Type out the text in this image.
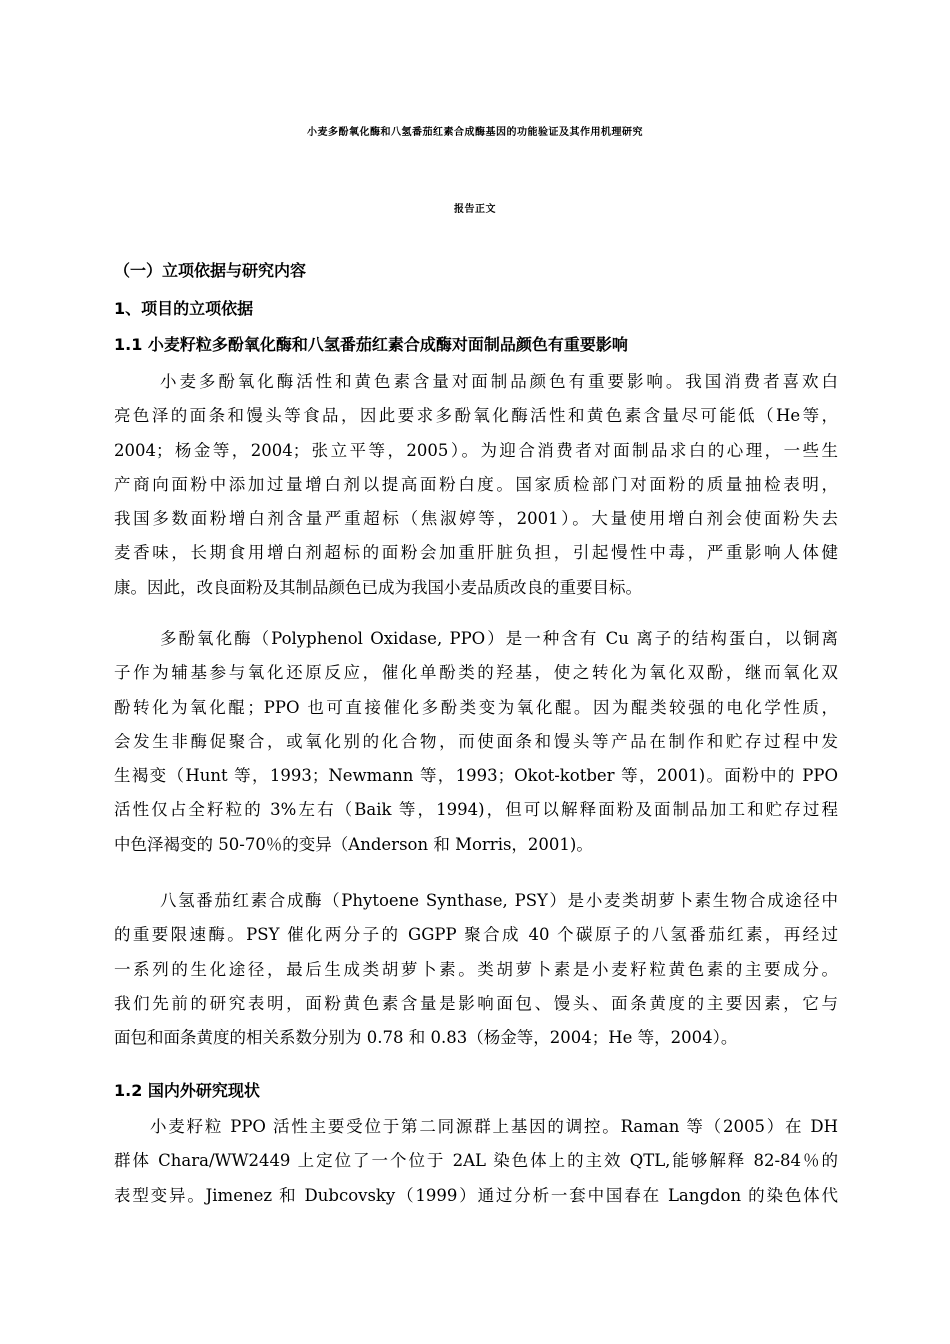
小麦多酚氧化酶和八氢番茄红素合成酶基因的功能验证及其作用机理研究
报告正文
（一）立项依据与研究内容
1、项目的立项依据
1.1 小麦籽粒多酚氧化酶和八氢番茄红素合成酶对面制品颜色有重要影响
小麦多酚氧化酶活性和黄色素含量对面制品颜色有重要影响。我国消费者喜欢白
亮色泽的面条和馒头等食品，因此要求多酚氧化酶活性和黄色素含量尽可能低（He等，
2004；杨金等，2004；张立平等，2005）。为迎合消费者对面制品求白的心理，一些生
产商向面粉中添加过量增白剂以提高面粉白度。国家质检部门对面粉的质量抽检表明，
我国多数面粉增白剂含量严重超标（焦淑婷等，2001）。大量使用增白剂会使面粉失去
麦香味，长期食用增白剂超标的面粉会加重肝脏负担，引起慢性中毒，严重影响人体健
康。因此，改良面粉及其制品颜色已成为我国小麦品质改良的重要目标。
多酚氧化酶（Polyphenol Oxidase, PPO）是一种含有 Cu 离子的结构蛋白，以铜离
子作为辅基参与氧化还原反应，催化单酚类的羟基，使之转化为氧化双酚，继而氧化双
酚转化为氧化醌；PPO 也可直接催化多酚类变为氧化醌。因为醌类较强的电化学性质，
会发生非酶促聚合，或氧化别的化合物，而使面条和馒头等产品在制作和贮存过程中发
生褐变（Hunt 等，1993；Newmann 等，1993；Okot-kotber 等，2001)。面粉中的 PPO
活性仅占全籽粒的 3%左右（Baik 等，1994)，但可以解释面粉及面制品加工和贮存过程
中色泽褐变的 50-70％的变异（Anderson 和 Morris，2001)。
八氢番茄红素合成酶（Phytoene Synthase, PSY）是小麦类胡萝卜素生物合成途径中
的重要限速酶。PSY 催化两分子的 GGPP 聚合成 40 个碳原子的八氢番茄红素，再经过
一系列的生化途径，最后生成类胡萝卜素。类胡萝卜素是小麦籽粒黄色素的主要成分。
我们先前的研究表明，面粉黄色素含量是影响面包、馒头、面条黄度的主要因素，它与
面包和面条黄度的相关系数分别为 0.78 和 0.83（杨金等，2004；He 等，2004）。
1.2 国内外研究现状
小麦籽粒 PPO 活性主要受位于第二同源群上基因的调控。Raman 等（2005）在 DH
群体 Chara/WW2449 上定位了一个位于 2AL 染色体上的主效 QTL,能够解释 82-84％的
表型变异。Jimenez 和 Dubcovsky（1999）通过分析一套中国春在 Langdon 的染色体代
